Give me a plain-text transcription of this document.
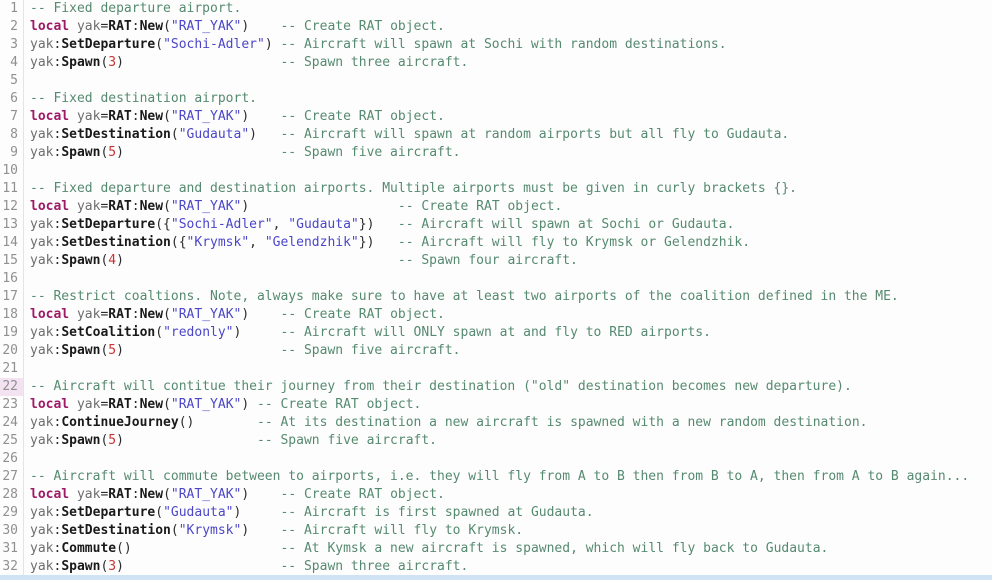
1 -- Fixed departure airport.
2 local yak=RAT:New("RAT_YAK") -- Create RAT object.
3 yak:SetDeparture("Sochi-Adler") -- Aircraft will spawn at Sochi with random destinations.
4 yak:Spawn(3)	-- Spawn three aircraft.
5
6 -- Fixed destination airport.
7 local yak=RAT:New("RAT_YAK") -- Create RAT object.
8 yak:SetDestination("Gudauta") -- Aircraft will spawn at random airports but all fly to Gudauta.
9 yak:Spawn(5)	-- Spawn five aircraft.
10
11 -- Fixed departure and destination airports. Multiple airports must be given in curly brackets {}.
12 local yak=RAT:New("RAT_YAK")	-- Create RAT object.
13 yak:SetDeparture({"Sochi-Adler", "Gudauta"}) -- Aircraft will spawn at Sochi or Gudauta.
14 yak:SetDestination({"Krymsk", "Gelendzhik"}) -- Aircraft will fly to Krymsk or Gelendzhik.
15 yak:Spawn(4)	-- Spawn four aircraft.
16
17 -- Restrict coaltions. Note, always make sure to have at least two airports of the coalition defined in the ME.
18 local yak=RAT:New("RAT_YAK") -- Create RAT object.
19 yak:SetCoalition("redonly")	-- Aircraft will ONLY spawn at and fly to RED airports.
20 yak:Spawn(5)	-- Spawn five aircraft.
21
22 -- Aircraft will contitue their journey from their destination ("old" destination becomes new departure).
23 local yak=RAT:New("RAT_YAK") -- Create RAT object.
24 yak:ContinueJourney()	-- At its destination a new aircraft is spawned with a new random destination.
25 yak:Spawn(5)	-- Spawn five aircraft.
26
27 -- Aircraft will commute between to airports, i.e. they will fly from A to B then from B to A, then from A to B again...
28 local yak=RAT:New("RAT_YAK") -- Create RAT object.
29 yak:SetDeparture("Gudauta")	-- Aircraft is first spawned at Gudauta.
30 yak:SetDestination("Krymsk") -- Aircraft will fly to Krymsk.
31 yak:Commute()	-- At Kymsk a new aircraft is spawned, which will fly back to Gudauta.
32 yak:Spawn(3)	-- Spawn three aircraft.
